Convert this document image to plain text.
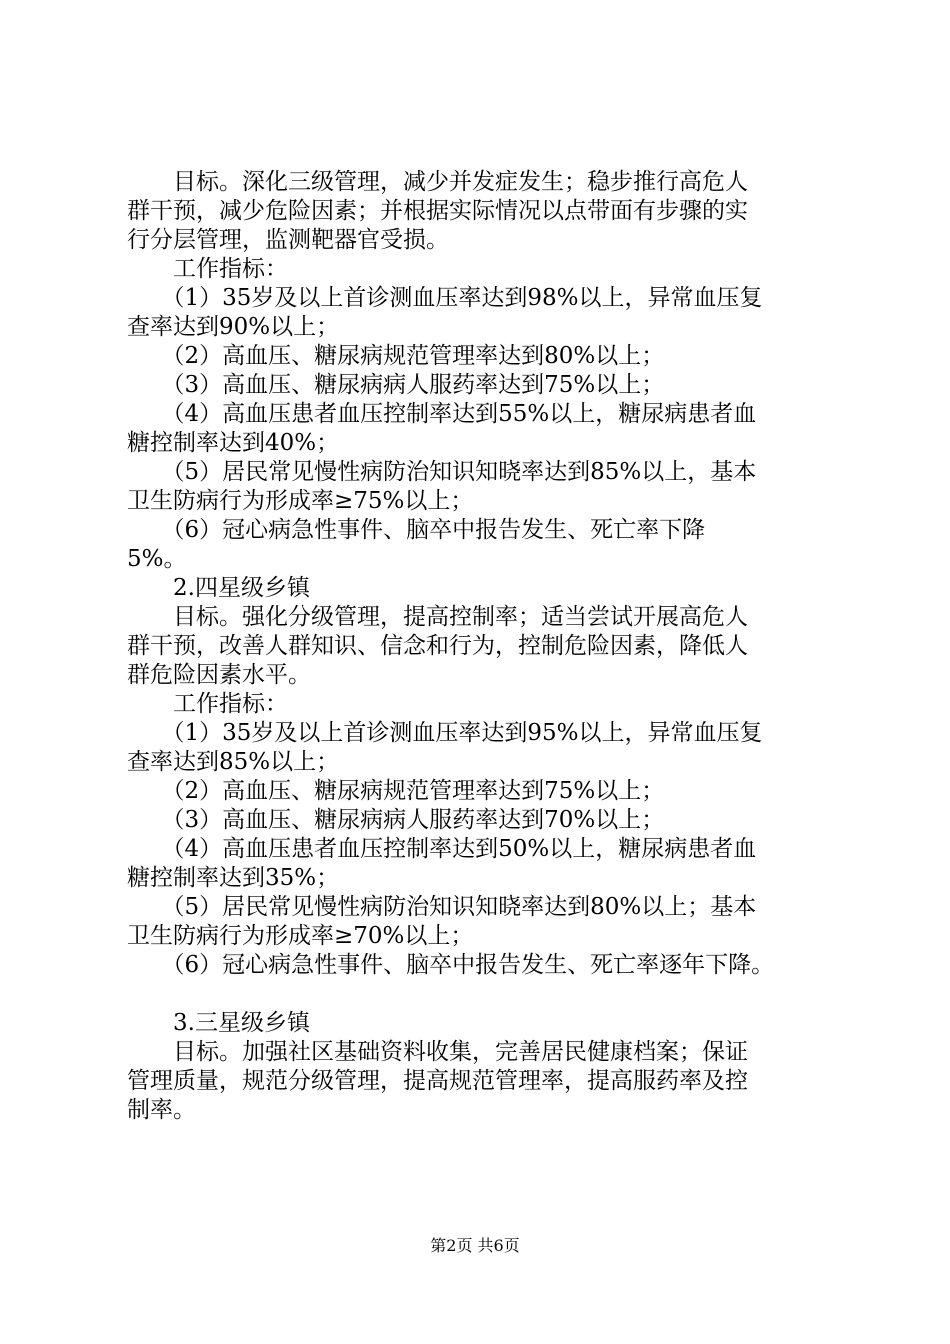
　　目标。深化三级管理，减少并发症发生；稳步推行高危人
群干预，减少危险因素；并根据实际情况以点带面有步骤的实
行分层管理，监测靶器官受损。
　　工作指标：
　　（1）35岁及以上首诊测血压率达到98%以上，异常血压复
查率达到90%以上；
　　（2）高血压、糖尿病规范管理率达到80%以上；
　　（3）高血压、糖尿病病人服药率达到75%以上；
　　（4）高血压患者血压控制率达到55%以上，糖尿病患者血
糖控制率达到40%；
　　（5）居民常见慢性病防治知识知晓率达到85%以上，基本
卫生防病行为形成率≥75%以上；
　　（6）冠心病急性事件、脑卒中报告发生、死亡率下降
5%。
　　2.四星级乡镇
　　目标。强化分级管理，提高控制率；适当尝试开展高危人
群干预，改善人群知识、信念和行为，控制危险因素，降低人
群危险因素水平。
　　工作指标：
　　（1）35岁及以上首诊测血压率达到95%以上，异常血压复
查率达到85%以上；
　　（2）高血压、糖尿病规范管理率达到75%以上；
　　（3）高血压、糖尿病病人服药率达到70%以上；
　　（4）高血压患者血压控制率达到50%以上，糖尿病患者血
糖控制率达到35%；
　　（5）居民常见慢性病防治知识知晓率达到80%以上；基本
卫生防病行为形成率≥70%以上；
　　（6）冠心病急性事件、脑卒中报告发生、死亡率逐年下降。
　　3.三星级乡镇
　　目标。加强社区基础资料收集，完善居民健康档案；保证
管理质量，规范分级管理，提高规范管理率，提高服药率及控
制率。
第2页 共6页
